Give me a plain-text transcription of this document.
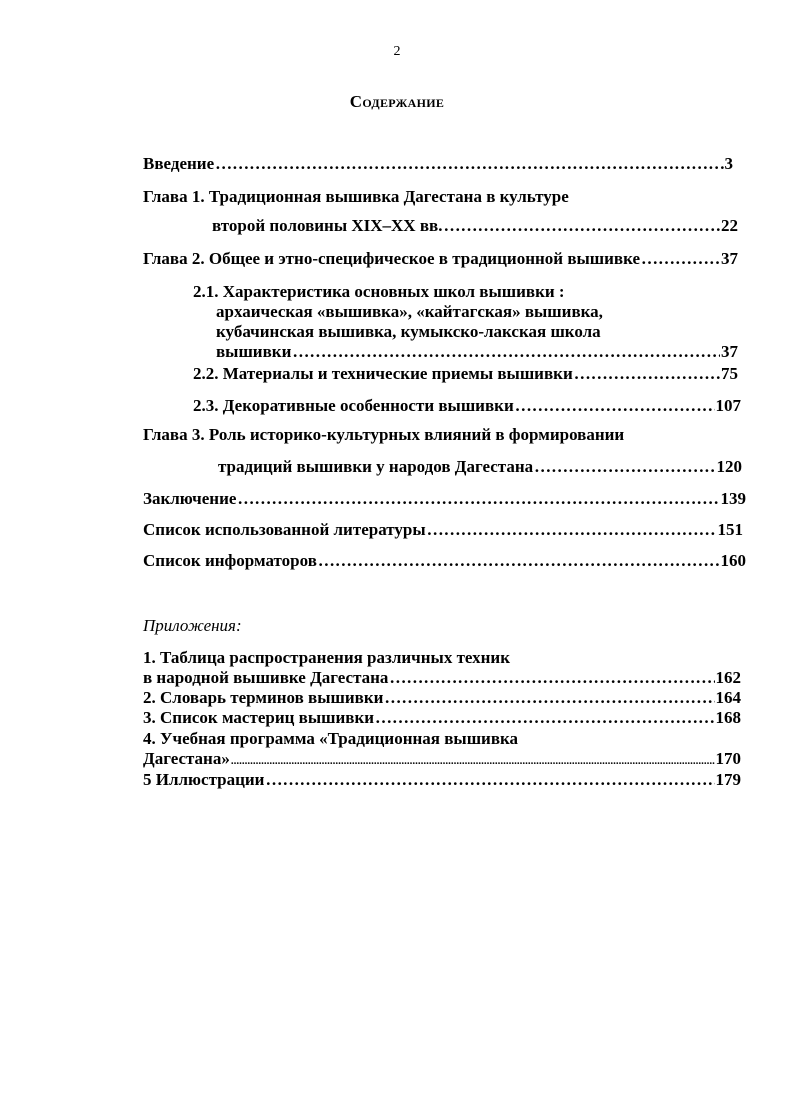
2
Содержание
Введение …………………………………………………………………………………………………………………………………………………………………………	3
Глава 1. Традиционная вышивка Дагестана в культуре
второй половины XIX–XX вв. …………………………………………………………………………………………………………………………………………………………………………	22
Глава 2. Общее и этно-специфическое в традиционной вышивке …………………………………………………………………………………………………………………………………………………………………………	37
2.1. Характеристика основных школ вышивки :
архаическая «вышивка», «кайтагская» вышивка,
кубачинская вышивка, кумыкско-лакская школа
вышивки …………………………………………………………………………………………………………………………………………………………………………	37
2.2. Материалы и технические приемы вышивки …………………………………………………………………………………………………………………………………………………………………………	75
2.3. Декоративные особенности вышивки …………………………………………………………………………………………………………………………………………………………………………	107
Глава 3. Роль историко-культурных влияний в формировании
традиций вышивки у народов Дагестана …………………………………………………………………………………………………………………………………………………………………………	120
Заключение …………………………………………………………………………………………………………………………………………………………………………	139
Список использованной литературы …………………………………………………………………………………………………………………………………………………………………………	151
Список информаторов …………………………………………………………………………………………………………………………………………………………………………	160
Приложения:
1. Таблица распространения различных техник
в народной вышивке Дагестана …………………………………………………………………………………………………………………………………………………………………………	162
2. Словарь терминов вышивки …………………………………………………………………………………………………………………………………………………………………………	164
3. Список мастериц вышивки …………………………………………………………………………………………………………………………………………………………………………	168
4. Учебная программа «Традиционная вышивка
Дагестана» .....	170
5 Иллюстрации …………………………………………………………………………………………………………………………………………………………………………	179
